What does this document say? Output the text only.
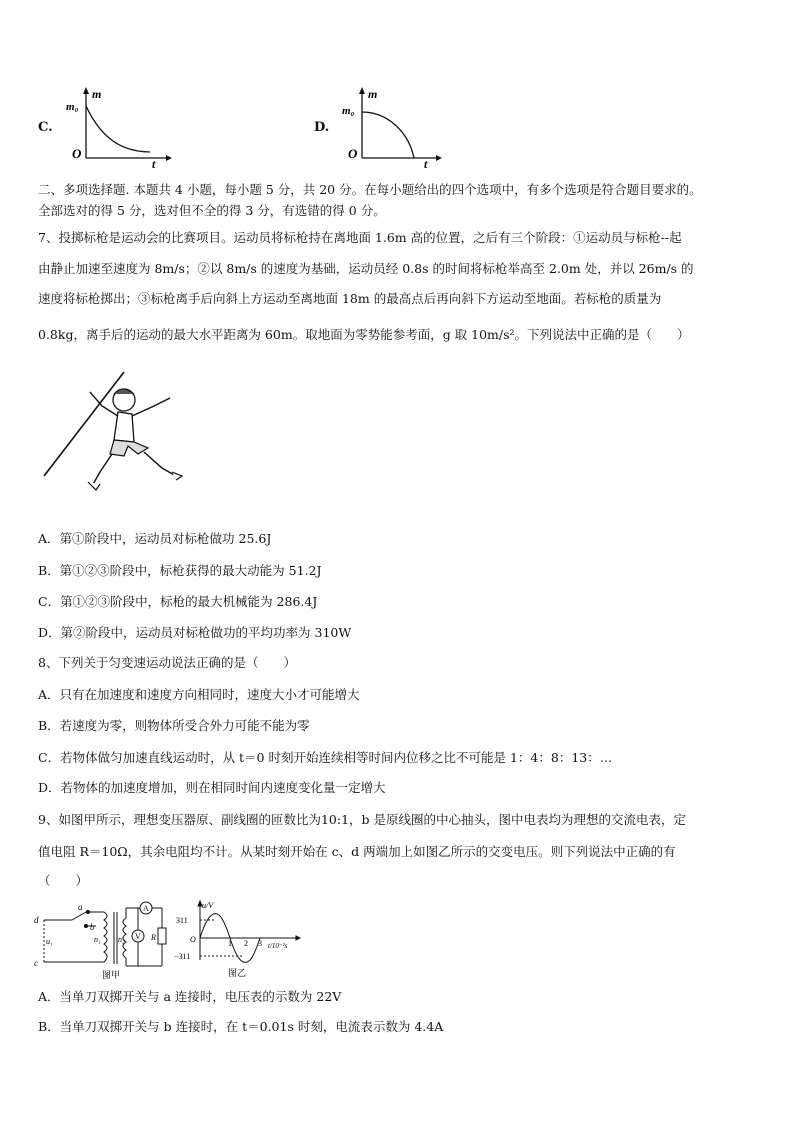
C.
m
m₀
O
t
D.
m
m₀
O
t
二、多项选择题. 本题共 4 小题，每小题 5 分，共 20 分。在每小题给出的四个选项中，有多个选项是符合题目要求的。
全部选对的得 5 分，选对但不全的得 3 分，有选错的得 0 分。
7、投掷标枪是运动会的比赛项目。运动员将标枪持在离地面 1.6m 高的位置，之后有三个阶段：①运动员与标枪--起
由静止加速至速度为 8m/s；②以 8m/s 的速度为基础，运动员经 0.8s 的时间将标枪举高至 2.0m 处，并以 26m/s 的
速度将标枪掷出；③标枪离手后向斜上方运动至离地面 18m 的最高点后再向斜下方运动至地面。若标枪的质量为
0.8kg，离手后的运动的最大水平距离为 60m。取地面为零势能参考面，g 取 10m/s²。下列说法中正确的是（　　）
A．第①阶段中，运动员对标枪做功 25.6J
B．第①②③阶段中，标枪获得的最大动能为 51.2J
C．第①②③阶段中，标枪的最大机械能为 286.4J
D．第②阶段中，运动员对标枪做功的平均功率为 310W
8、下列关于匀变速运动说法正确的是（　　）
A．只有在加速度和速度方向相同时，速度大小才可能增大
B．若速度为零，则物体所受合外力可能不能为零
C．若物体做匀加速直线运动时，从 t＝0 时刻开始连续相等时间内位移之比不可能是 1：4：8：13：…
D．若物体的加速度增加，则在相同时间内速度变化量一定增大
9、如图甲所示，理想变压器原、副线圈的匝数比为10:1，b 是原线圈的中心抽头，图中电表均为理想的交流电表，定
值电阻 R＝10Ω，其余电阻均不计。从某时刻开始在 c、d 两端加上如图乙所示的交变电压。则下列说法中正确的有
（　　）
d
c
a
b
u₁	n₁ n₂
A
V R
图甲
u/V
311
−311
O	1 2 3 t/10⁻²s
图乙
A．当单刀双掷开关与 a 连接时，电压表的示数为 22V
B．当单刀双掷开关与 b 连接时，在 t＝0.01s 时刻，电流表示数为 4.4A
